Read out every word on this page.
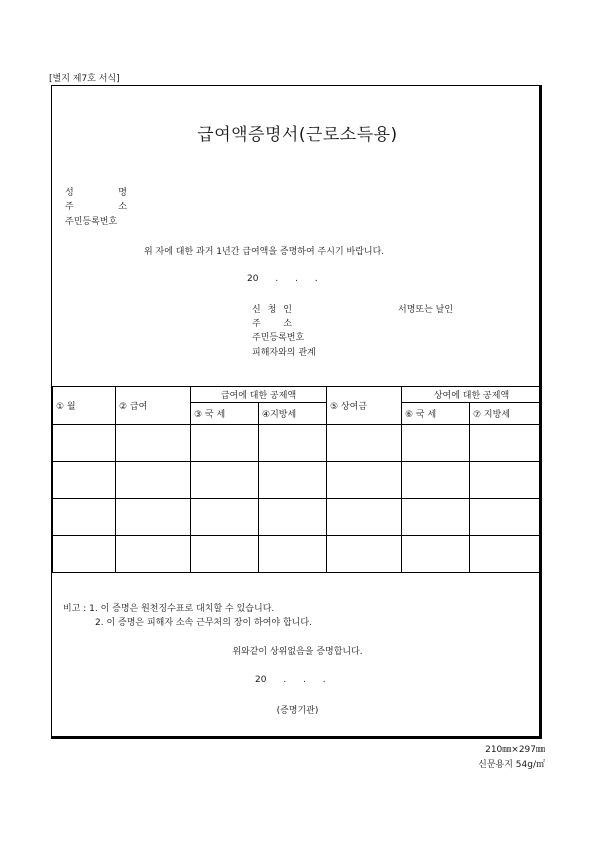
[별지 제7호 서식]
급여액증명서(근로소득용)
성 명
주 소
주민등록번호
위 자에 대한 과거 1년간 급여액을 증명하여 주시기 바랍니다.
20 . . .
신 청 인	서명또는 날인
주 소
주민등록번호
피해자와의 관계
① 월	② 급여	급여에 대한 공제액		⑤ 상여금	상여에 대한 공제액	
		③ 국 세	④지방세		⑥ 국 세	⑦ 지방세

비고 : 1. 이 증명은 원천징수표로 대치할 수 있습니다.
2. 이 증명은 피해자 소속 근무처의 장이 하여야 합니다.
위와같이 상위없음을 증명합니다.
20 . . .
(증명기관)
210㎜×297㎜
신문용지 54g/㎡
